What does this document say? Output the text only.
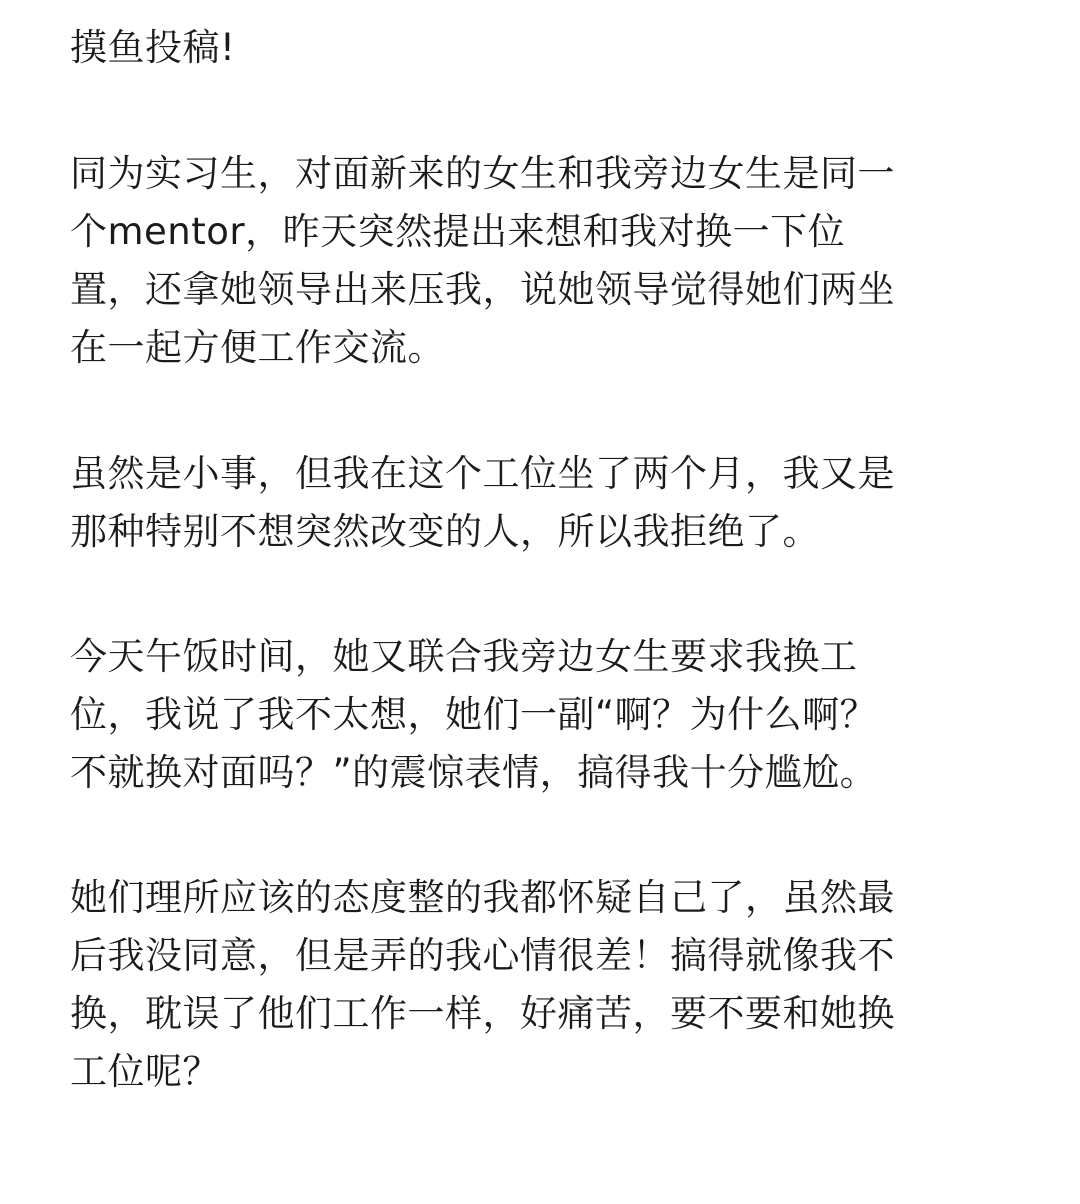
摸鱼投稿!
同为实习生，对面新来的女生和我旁边女生是同一
个mentor，昨天突然提出来想和我对换一下位
置，还拿她领导出来压我，说她领导觉得她们两坐
在一起方便工作交流。
虽然是小事，但我在这个工位坐了两个月，我又是
那种特别不想突然改变的人，所以我拒绝了。
今天午饭时间，她又联合我旁边女生要求我换工
位，我说了我不太想，她们一副“啊？为什么啊？
不就换对面吗？”的震惊表情，搞得我十分尴尬。
她们理所应该的态度整的我都怀疑自己了，虽然最
后我没同意，但是弄的我心情很差！搞得就像我不
换，耽误了他们工作一样，好痛苦，要不要和她换
工位呢？
